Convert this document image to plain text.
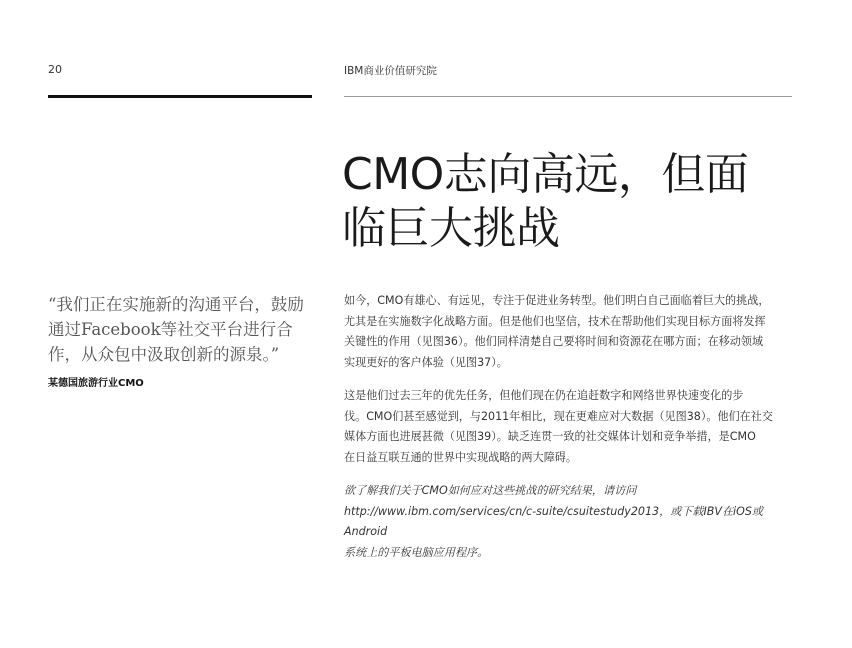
20	IBM商业价值研究院
CMO志向高远，但面
临巨大挑战
“我们正在实施新的沟通平台，鼓励
通过Facebook等社交平台进行合
作，从众包中汲取创新的源泉。”
某德国旅游行业CMO

如今，CMO有雄心、有远见，专注于促进业务转型。他们明白自己面临着巨大的挑战，
尤其是在实施数字化战略方面。但是他们也坚信，技术在帮助他们实现目标方面将发挥
关键性的作用（见图36）。他们同样清楚自己要将时间和资源花在哪方面；在移动领域
实现更好的客户体验（见图37）。

这是他们过去三年的优先任务，但他们现在仍在追赶数字和网络世界快速变化的步
伐。CMO们甚至感觉到，与2011年相比，现在更难应对大数据（见图38）。他们在社交
媒体方面也进展甚微（见图39）。缺乏连贯一致的社交媒体计划和竞争举措，是CMO
在日益互联互通的世界中实现战略的两大障碍。

欲了解我们关于CMO如何应对这些挑战的研究结果，请访问
http://www.ibm.com/services/cn/c-suite/csuitestudy2013，或下载IBV在iOS或Android
系统上的平板电脑应用程序。
